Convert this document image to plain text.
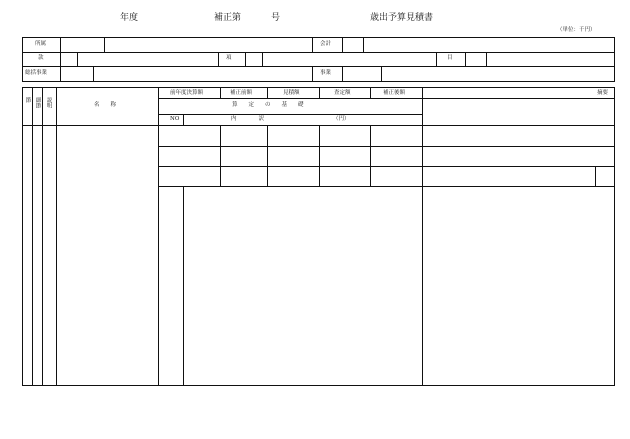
年度	補正第	号	歳出予算見積書
（単位：千円）
所属	会計
款	項	目
総括事業	事業
節 細節 説明	名　　称
前年度決算額	補正前額	見積額	査定額	補正後額	摘要
算　　定　　の　　基　　礎
NO	内　　　　訳	（円）
